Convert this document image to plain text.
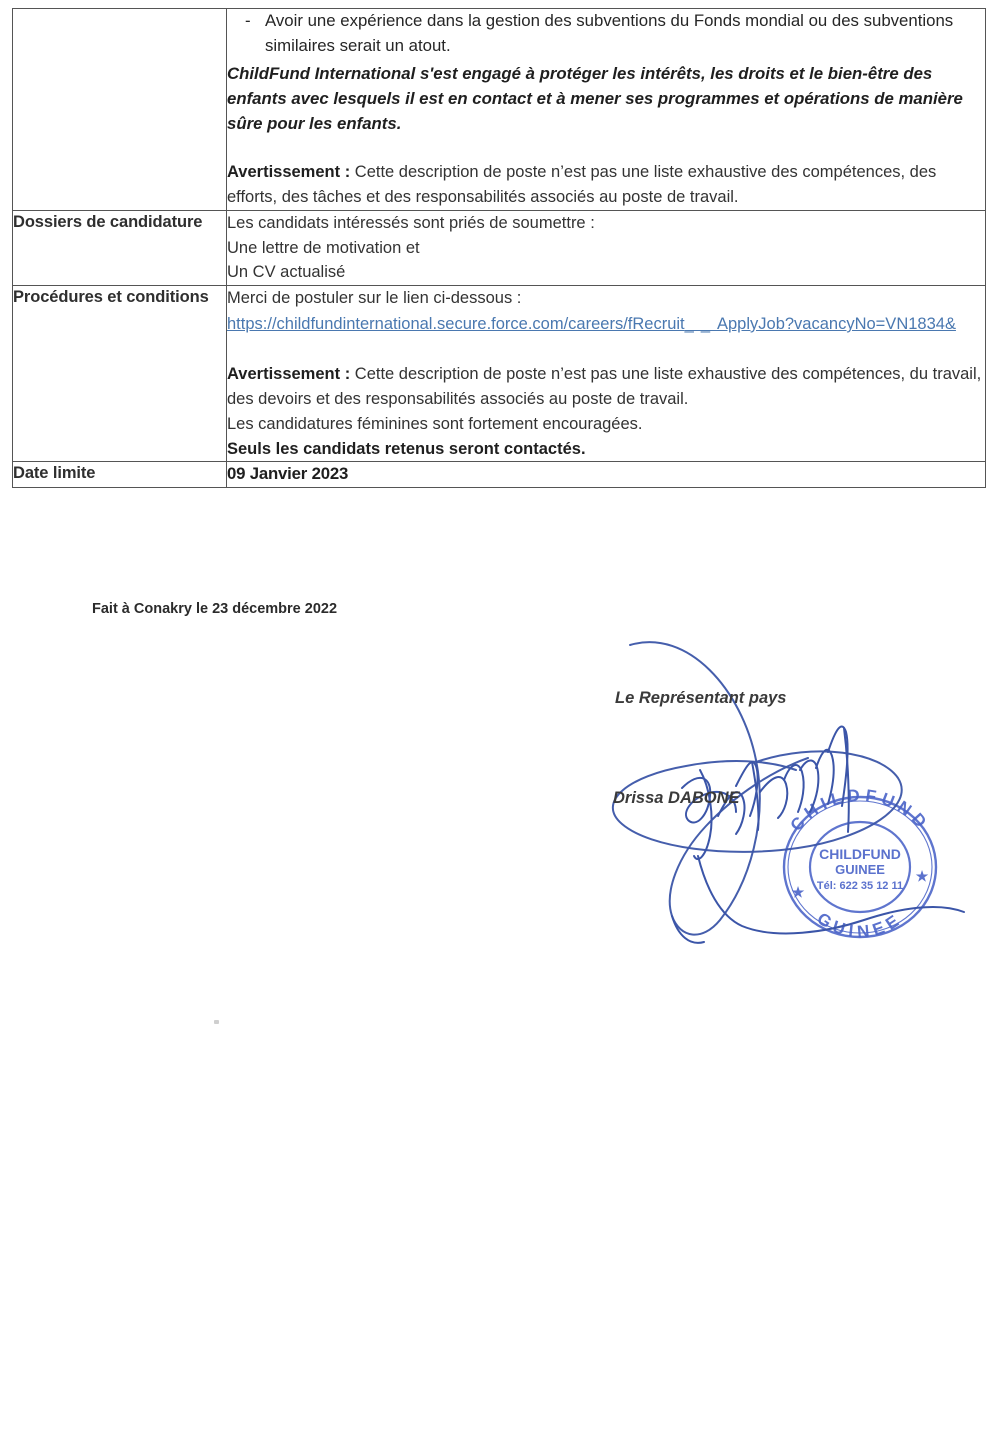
	- Avoir une expérience dans la gestion des subventions du Fonds mondial ou des subventions similaires serait un atout.
ChildFund International s'est engagé à protéger les intérêts, les droits et le bien-être des enfants avec lesquels il est en contact et à mener ses programmes et opérations de manière sûre pour les enfants.
Avertissement : Cette description de poste n’est pas une liste exhaustive des compétences, des efforts, des tâches et des responsabilités associés au poste de travail.

Dossiers de candidature	Les candidats intéressés sont priés de soumettre :
Une lettre de motivation et
Un CV actualisé

Procédures et conditions	Merci de postuler sur le lien ci-dessous :
https://childfundinternational.secure.force.com/careers/fRecruit__ApplyJob?vacancyNo=VN1834&
Avertissement : Cette description de poste n’est pas une liste exhaustive des compétences, du travail, des devoirs et des responsabilités associés au poste de travail.
Les candidatures féminines sont fortement encouragées.
Seuls les candidats retenus seront contactés.

Date limite	09 Janvier 2023
Fait à Conakry le 23 décembre 2022
CHILDFUND
GUINEE
CHILDFUND
GUINEE
Tél: 622 35 12 11
★
★
Le Représentant pays
Drissa DABONE
